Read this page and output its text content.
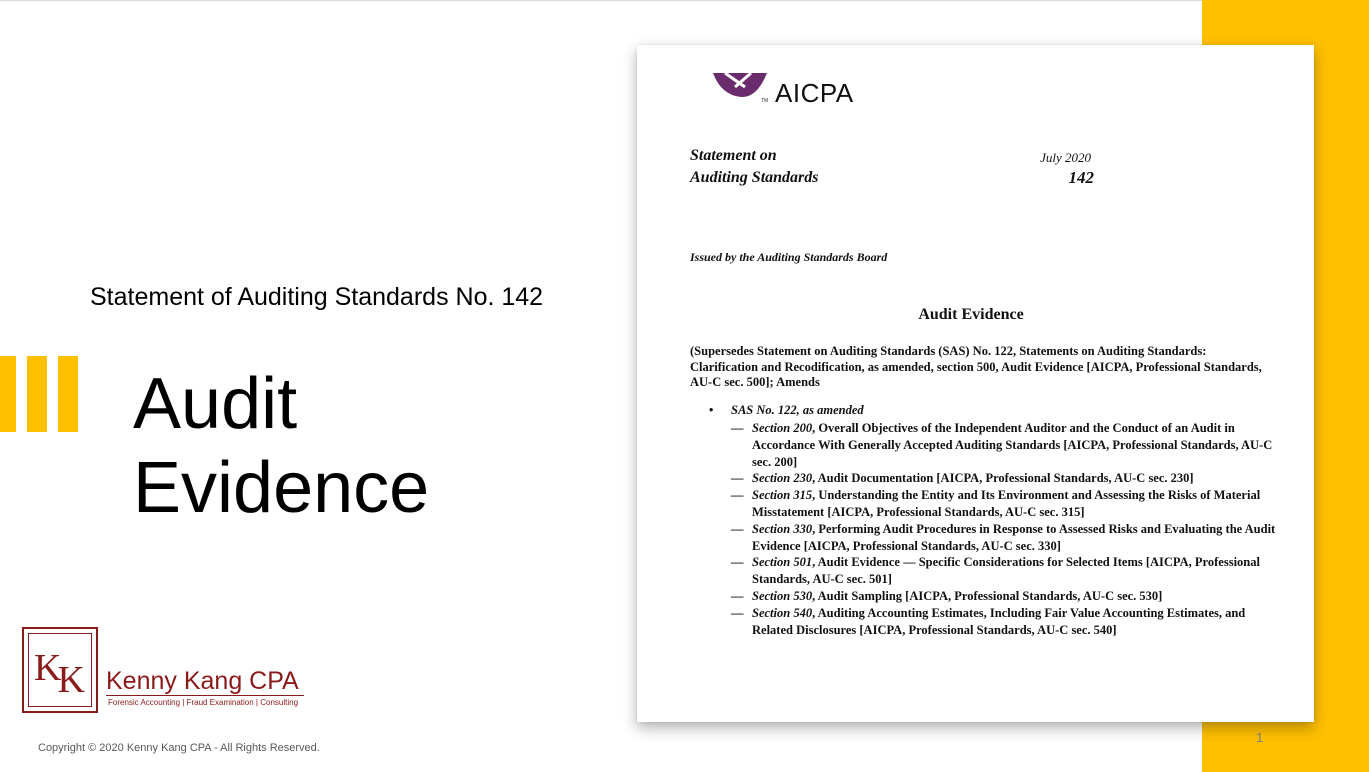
Statement of Auditing Standards No. 142
Audit
Evidence
KK Kenny Kang CPA
Forensic Accounting | Fraud Examination | Consulting
Copyright © 2020 Kenny Kang CPA - All Rights Reserved.
1
TM AICPA
Statement on
Auditing Standards
July 2020
142
Issued by the Auditing Standards Board
Audit Evidence
(Supersedes Statement on Auditing Standards (SAS) No. 122, Statements on Auditing Standards: Clarification and Recodification, as amended, section 500, Audit Evidence [AICPA, Professional Standards, AU-C sec. 500]; Amends
• SAS No. 122, as amended
— Section 200, Overall Objectives of the Independent Auditor and the Conduct of an Audit in Accordance With Generally Accepted Auditing Standards [AICPA, Professional Standards, AU-C sec. 200]
— Section 230, Audit Documentation [AICPA, Professional Standards, AU-C sec. 230]
— Section 315, Understanding the Entity and Its Environment and Assessing the Risks of Material Misstatement [AICPA, Professional Standards, AU-C sec. 315]
— Section 330, Performing Audit Procedures in Response to Assessed Risks and Evaluating the Audit Evidence [AICPA, Professional Standards, AU-C sec. 330]
— Section 501, Audit Evidence — Specific Considerations for Selected Items [AICPA, Professional Standards, AU-C sec. 501]
— Section 530, Audit Sampling [AICPA, Professional Standards, AU-C sec. 530]
— Section 540, Auditing Accounting Estimates, Including Fair Value Accounting Estimates, and Related Disclosures [AICPA, Professional Standards, AU-C sec. 540]
